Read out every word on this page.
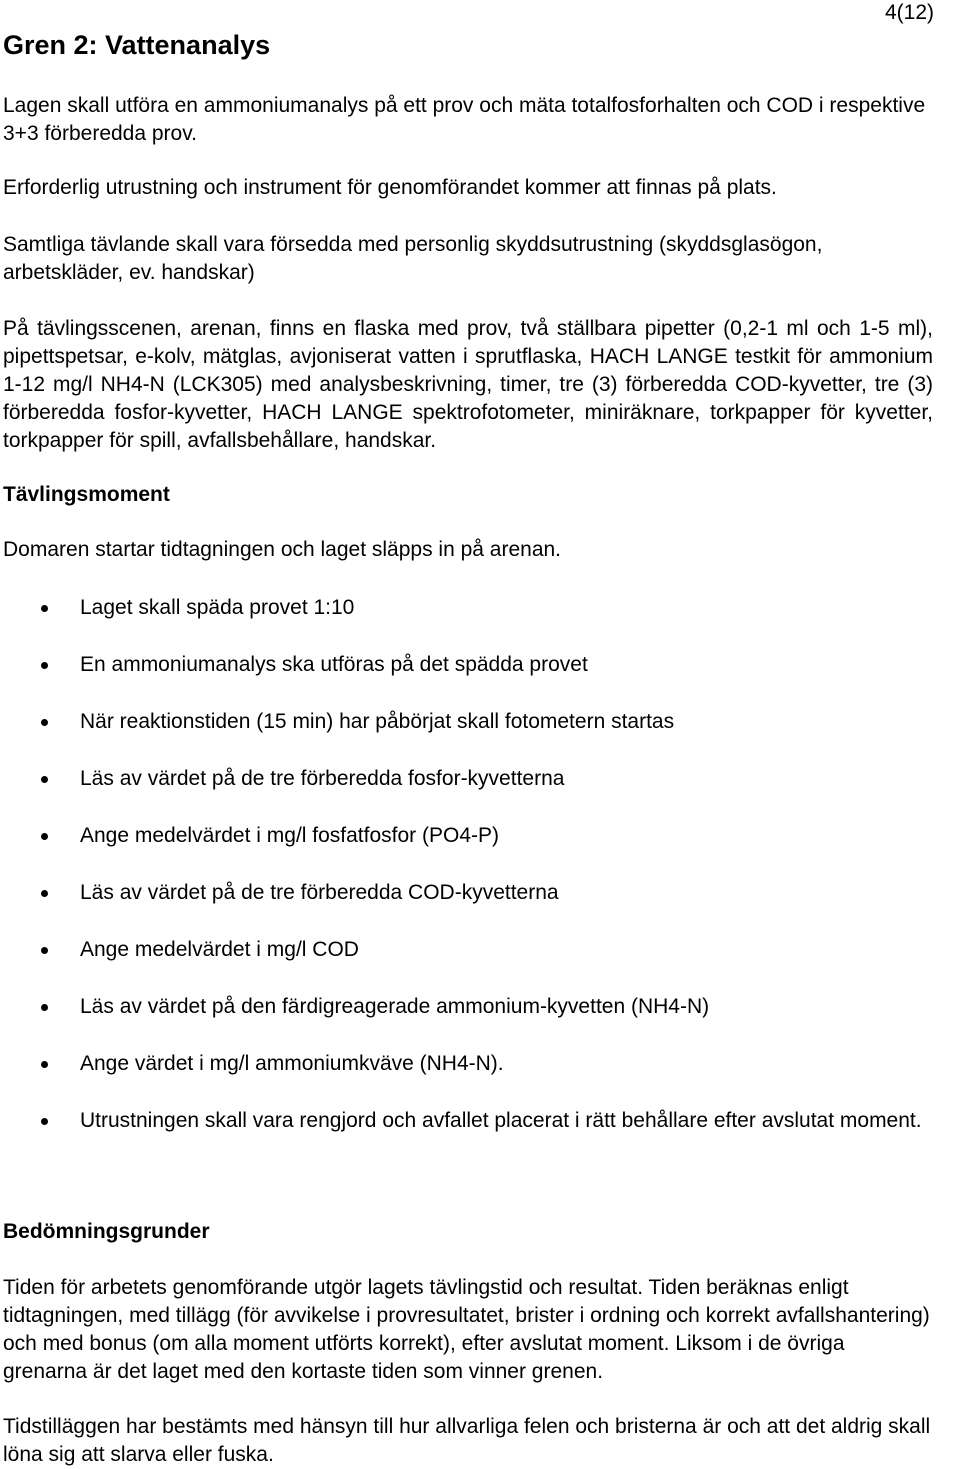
4(12)
Gren 2: Vattenanalys

Lagen skall utföra en ammoniumanalys på ett prov och mäta totalfosforhalten och COD i respektive 3+3 förberedda prov.

Erforderlig utrustning och instrument för genomförandet kommer att finnas på plats.

Samtliga tävlande skall vara försedda med personlig skyddsutrustning (skyddsglasögon, arbetskläder, ev. handskar)

På tävlingsscenen, arenan, finns en flaska med prov, två ställbara pipetter (0,2-1 ml och 1-5 ml), pipettspetsar, e-kolv, mätglas, avjoniserat vatten i sprutflaska, HACH LANGE testkit för ammonium 1-12 mg/l NH4-N (LCK305) med analysbeskrivning, timer, tre (3) förberedda COD-kyvetter, tre (3) förberedda fosfor-kyvetter, HACH LANGE spektrofotometer, miniräknare, torkpapper för kyvetter, torkpapper för spill, avfallsbehållare, handskar.

Tävlingsmoment

Domaren startar tidtagningen och laget släpps in på arenan.

Laget skall späda provet 1:10
En ammoniumanalys ska utföras på det spädda provet
När reaktionstiden (15 min) har påbörjat skall fotometern startas
Läs av värdet på de tre förberedda fosfor-kyvetterna
Ange medelvärdet i mg/l fosfatfosfor (PO4-P)
Läs av värdet på de tre förberedda COD-kyvetterna
Ange medelvärdet i mg/l COD
Läs av värdet på den färdigreagerade ammonium-kyvetten (NH4-N)
Ange värdet i mg/l ammoniumkväve (NH4-N).
Utrustningen skall vara rengjord och avfallet placerat i rätt behållare efter avslutat moment.
Bedömningsgrunder

Tiden för arbetets genomförande utgör lagets tävlingstid och resultat. Tiden beräknas enligt tidtagningen, med tillägg (för avvikelse i provresultatet, brister i ordning och korrekt avfallshantering) och med bonus (om alla moment utförts korrekt), efter avslutat moment. Liksom i de övriga grenarna är det laget med den kortaste tiden som vinner grenen.

Tidstilläggen har bestämts med hänsyn till hur allvarliga felen och bristerna är och att det aldrig skall löna sig att slarva eller fuska.
